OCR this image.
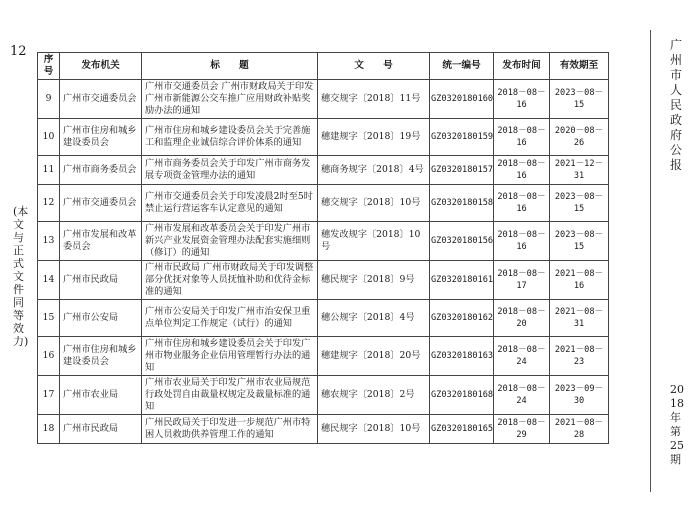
12
(本文与正式文件同等效力)
广州市人民政府公报
2018年第25期
序号	发布机关	标　　题	文　　号	统一编号	发布时间	有效期至
9	广州市交通委员会	广州市交通委员会 广州市财政局关于印发广州市新能源公交车推广应用财政补贴奖励办法的通知	穗交规字〔2018〕11号	GZ0320180160	2018－08－16	2023－08－15
10	广州市住房和城乡建设委员会	广州市住房和城乡建设委员会关于完善施工和监理企业诚信综合评价体系的通知	穗建规字〔2018〕19号	GZ0320180159	2018－08－16	2020－08－26
11	广州市商务委员会	广州市商务委员会关于印发广州市商务发展专项资金管理办法的通知	穗商务规字〔2018〕4号	GZ0320180157	2018－08－16	2021－12－31
12	广州市交通委员会	广州市交通委员会关于印发凌晨2时至5时禁止运行营运客车认定意见的通知	穗交规字〔2018〕10号	GZ0320180158	2018－08－16	2023－08－15
13	广州市发展和改革委员会	广州市发展和改革委员会关于印发广州市新兴产业发展资金管理办法配套实施细则（修订）的通知	穗发改规字〔2018〕10号	GZ0320180156	2018－08－16	2023－08－15
14	广州市民政局	广州市民政局 广州市财政局关于印发调整部分优抚对象等人员抚恤补助和优待金标准的通知	穗民规字〔2018〕9号	GZ0320180161	2018－08－17	2021－08－16
15	广州市公安局	广州市公安局关于印发广州市治安保卫重点单位判定工作规定（试行）的通知	穗公规字〔2018〕4号	GZ0320180162	2018－08－20	2021－08－31
16	广州市住房和城乡建设委员会	广州市住房和城乡建设委员会关于印发广州市物业服务企业信用管理暂行办法的通知	穗建规字〔2018〕20号	GZ0320180163	2018－08－24	2021－08－23
17	广州市农业局	广州市农业局关于印发广州市农业局规范行政处罚自由裁量权规定及裁量标准的通知	穗农规字〔2018〕2号	GZ0320180168	2018－08－24	2023－09－30
18	广州市民政局	广州民政局关于印发进一步规范广州市特困人员救助供养管理工作的通知	穗民规字〔2018〕10号	GZ0320180165	2018－08－29	2021－08－28
